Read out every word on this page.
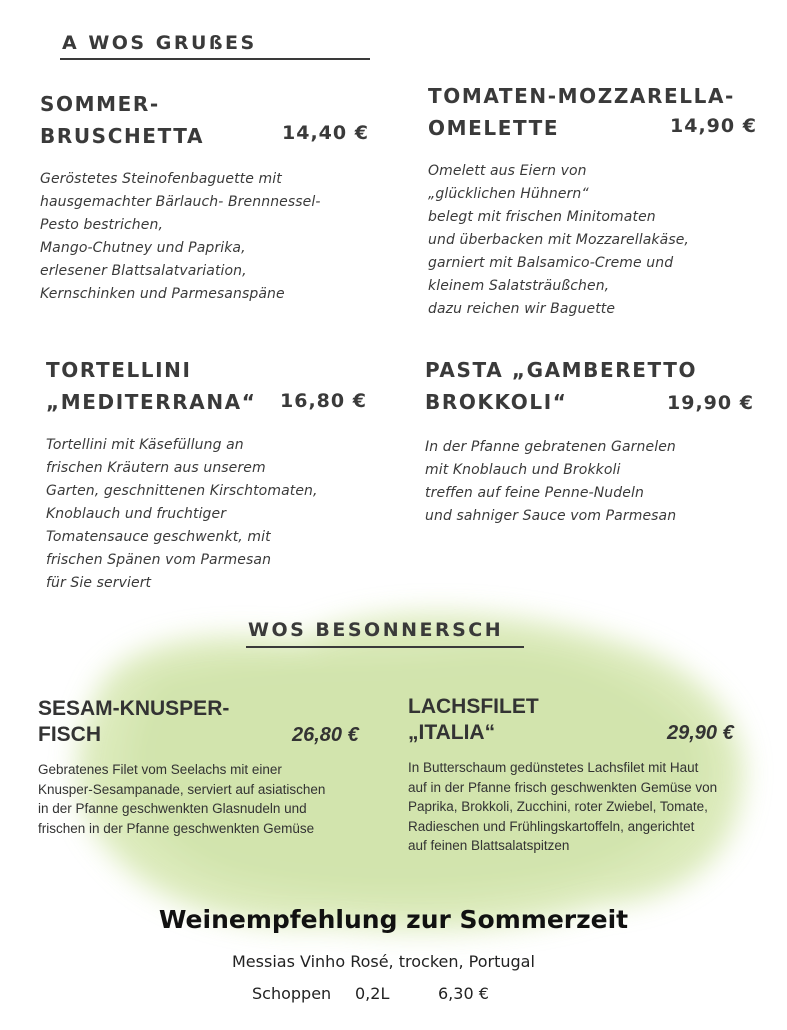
A WOS GRUßES
SOMMER-
BRUSCHETTA	14,40 €
Geröstetes Steinofenbaguette mit
hausgemachter Bärlauch- Brennnessel-
Pesto bestrichen,
Mango-Chutney und Paprika,
erlesener Blattsalatvariation,
Kernschinken und Parmesanspäne
TOMATEN-MOZZARELLA-
OMELETTE	14,90 €
Omelett aus Eiern von
„glücklichen Hühnern“
belegt mit frischen Minitomaten
und überbacken mit Mozzarellakäse,
garniert mit Balsamico-Creme und
kleinem Salatsträußchen,
dazu reichen wir Baguette
TORTELLINI
„MEDITERRANA“ 16,80 €
Tortellini mit Käsefüllung an
frischen Kräutern aus unserem
Garten, geschnittenen Kirschtomaten,
Knoblauch und fruchtiger
Tomatensauce geschwenkt, mit
frischen Spänen vom Parmesan
für Sie serviert
PASTA „GAMBERETTO
BROKKOLI“	19,90 €
In der Pfanne gebratenen Garnelen
mit Knoblauch und Brokkoli
treffen auf feine Penne-Nudeln
und sahniger Sauce vom Parmesan
WOS BESONNERSCH
SESAM-KNUSPER-
FISCH	26,80 €
Gebratenes Filet vom Seelachs mit einer
Knusper-Sesampanade, serviert auf asiatischen
in der Pfanne geschwenkten Glasnudeln und
frischen in der Pfanne geschwenkten Gemüse
LACHSFILET
„ITALIA“	29,90 €
In Butterschaum gedünstetes Lachsfilet mit Haut
auf in der Pfanne frisch geschwenkten Gemüse von
Paprika, Brokkoli, Zucchini, roter Zwiebel, Tomate,
Radieschen und Frühlingskartoffeln, angerichtet
auf feinen Blattsalatspitzen
Weinempfehlung zur Sommerzeit
Messias Vinho Rosé, trocken, Portugal
Schoppen 0,2L	6,30 €
